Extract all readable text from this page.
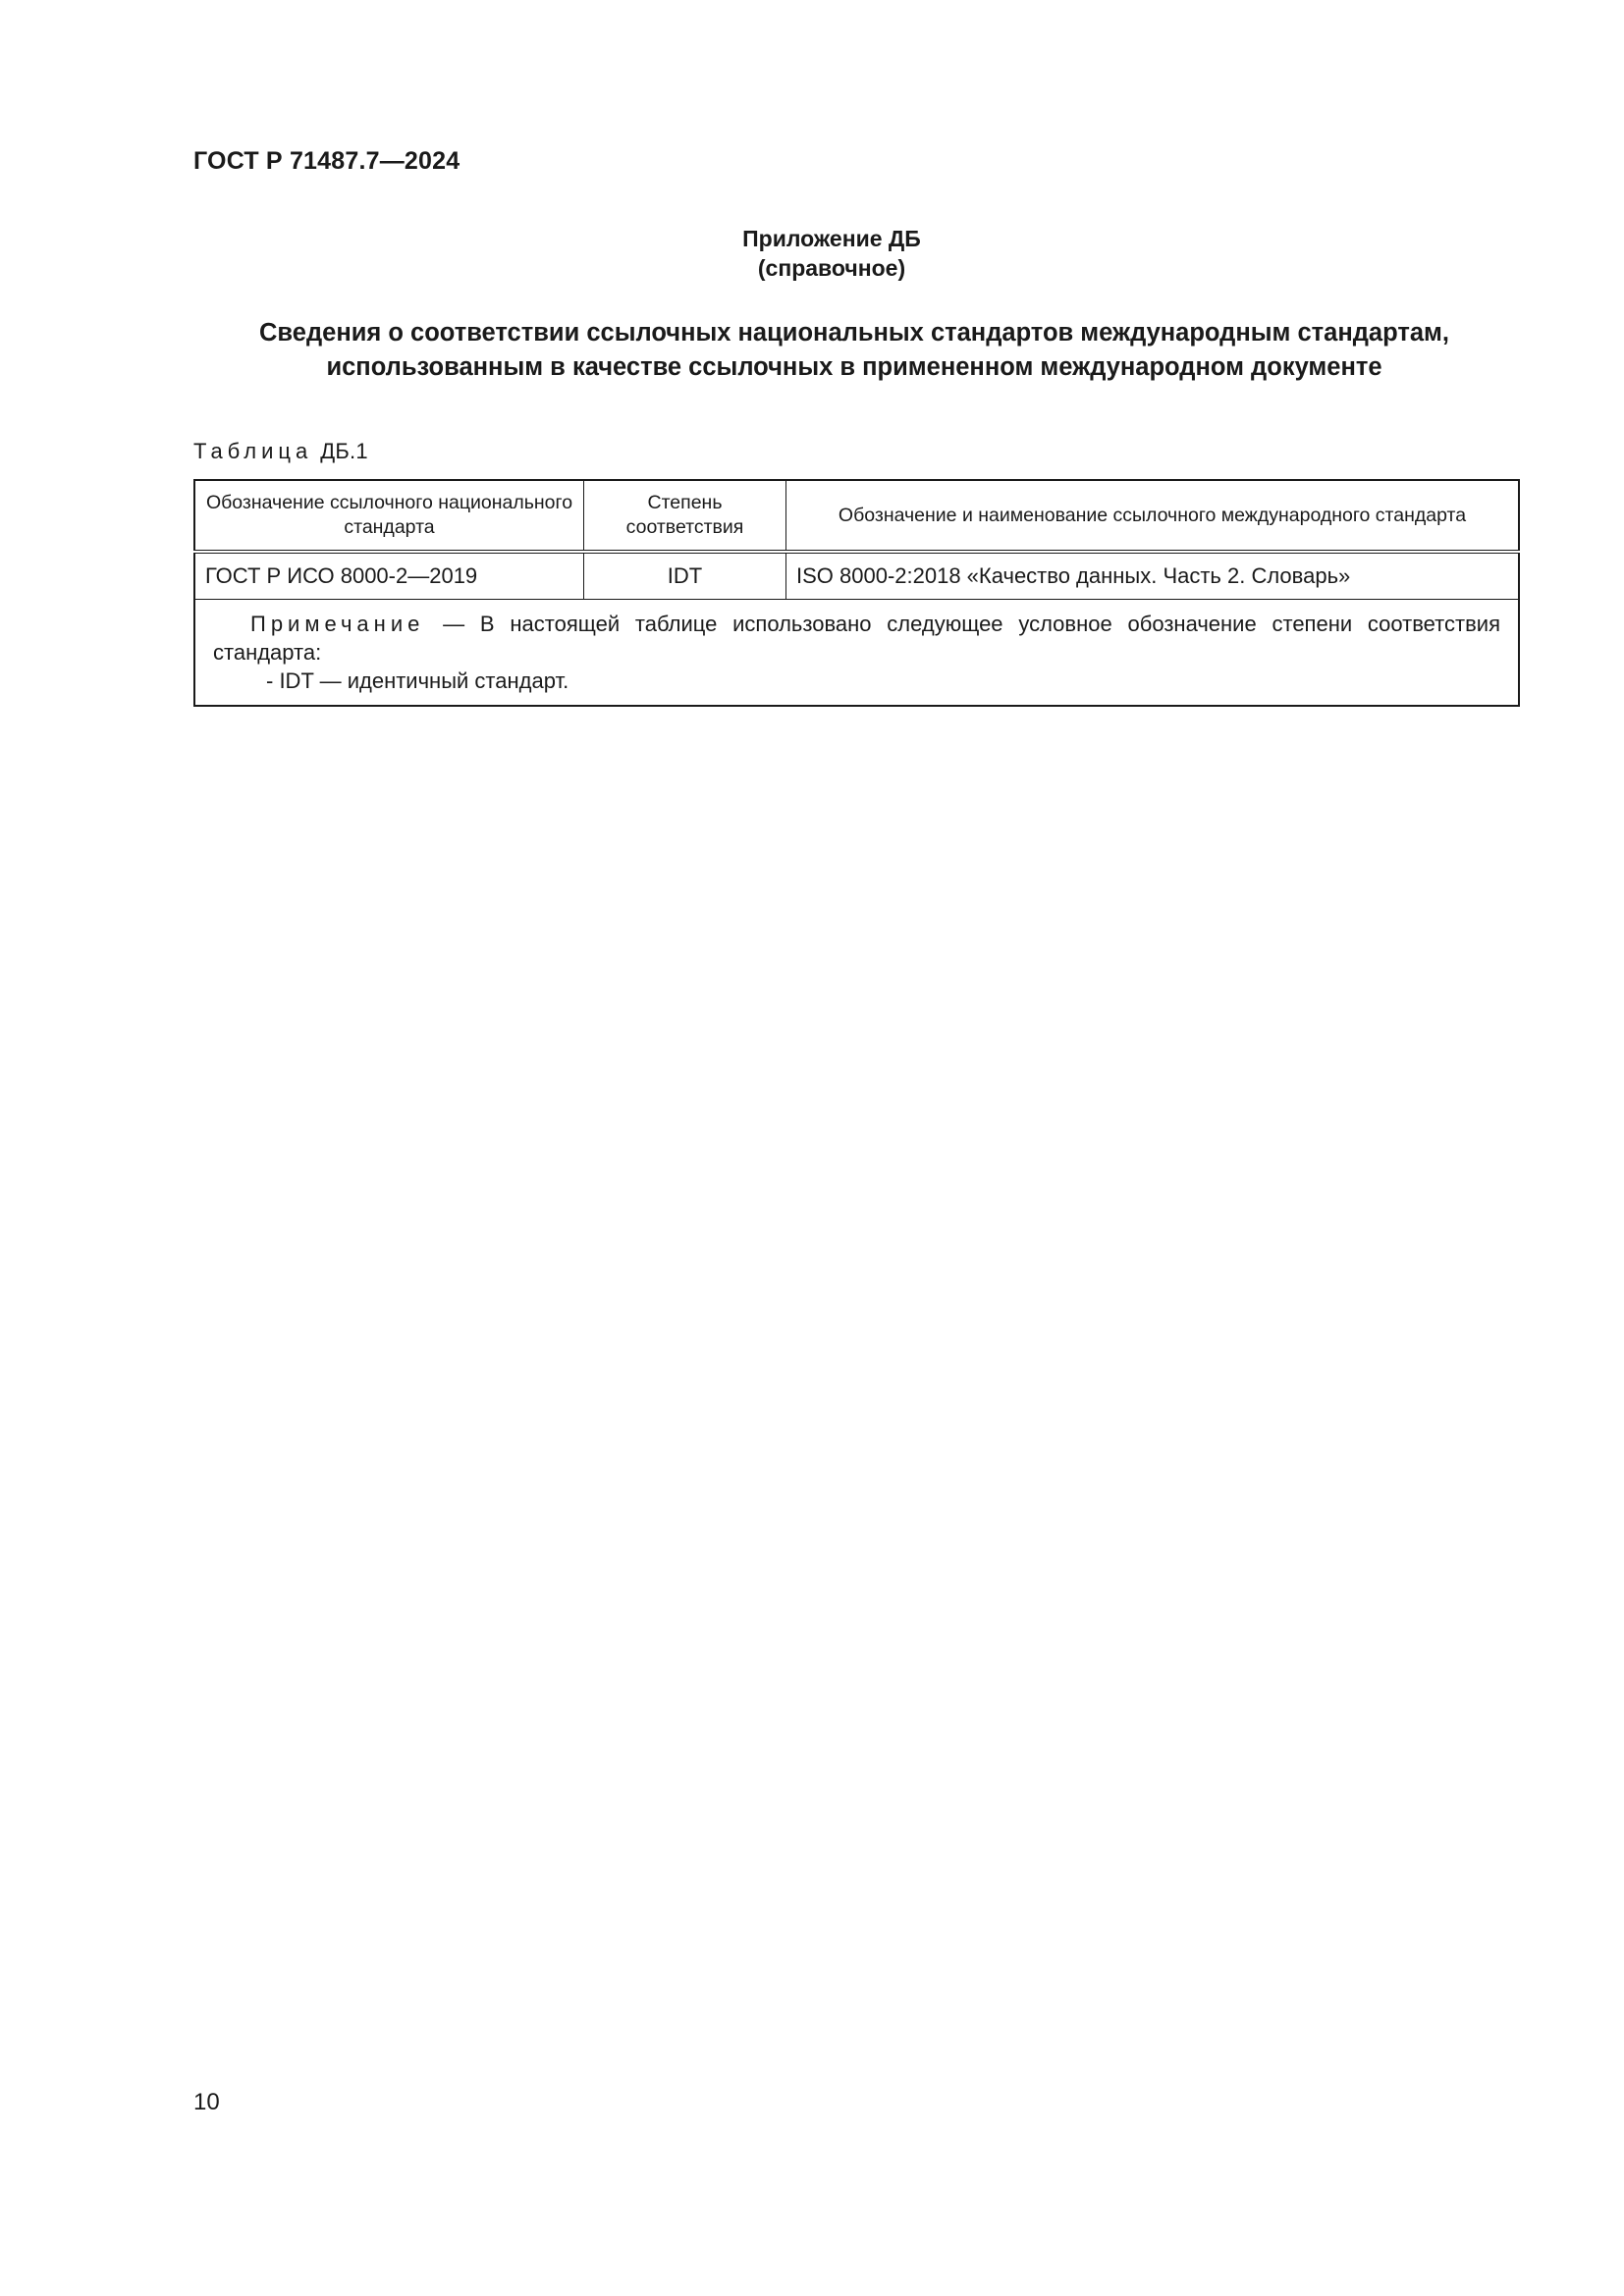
ГОСТ Р 71487.7—2024
Приложение ДБ
(справочное)
Сведения о соответствии ссылочных национальных стандартов международным стандартам,
использованным в качестве ссылочных в примененном международном документе
Таблица ДБ.1
Обозначение ссылочного национального стандарта	Степень соответствия	Обозначение и наименование ссылочного международного стандарта
ГОСТ Р ИСО 8000-2—2019	IDT	ISO 8000-2:2018 «Качество данных. Часть 2. Словарь»

Примечание — В настоящей таблице использовано следующее условное обозначение степени соответствия стандарта:
- IDT — идентичный стандарт.		
10
